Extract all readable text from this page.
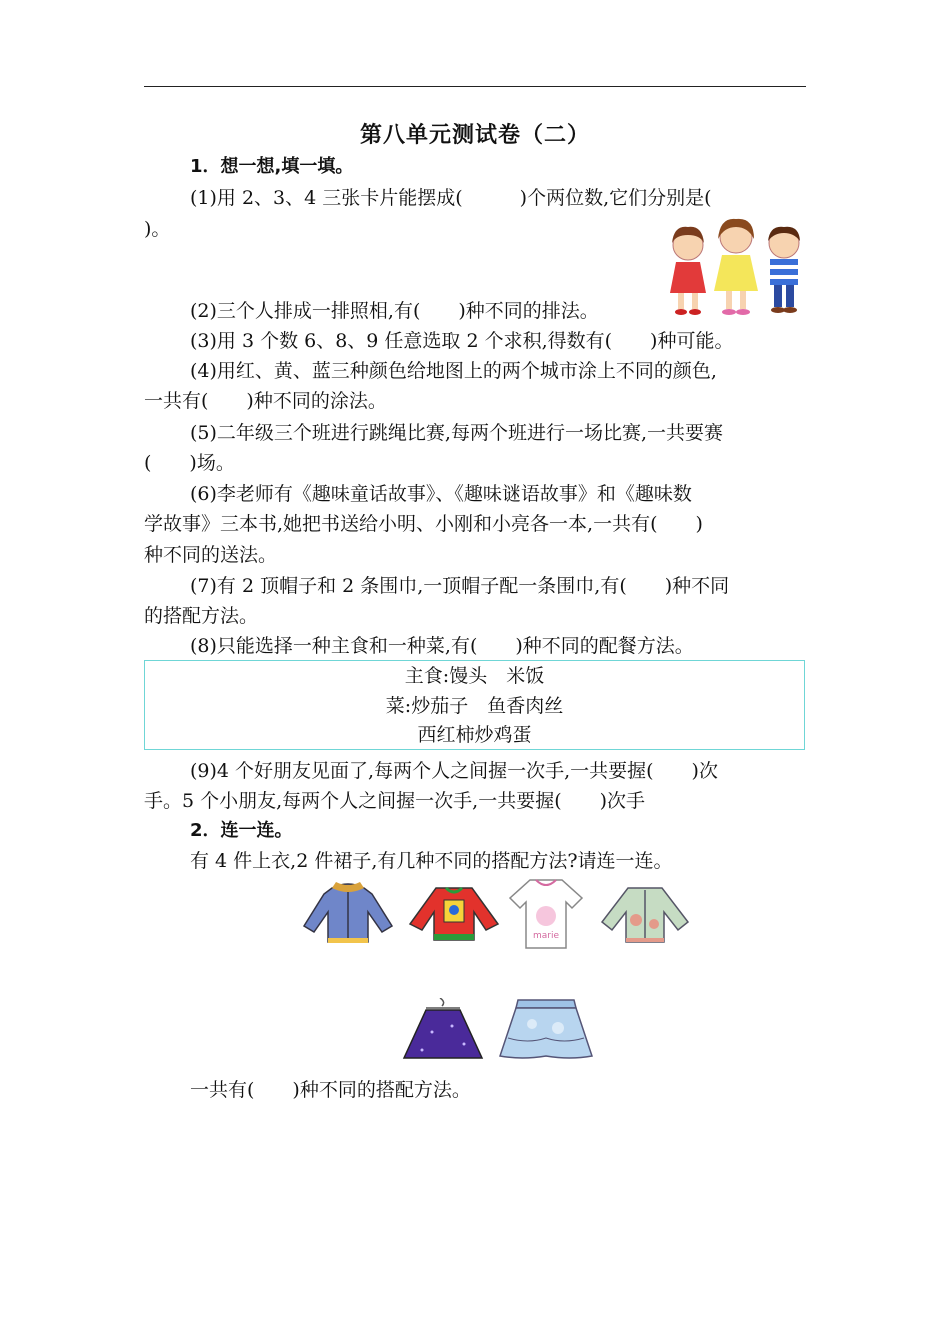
第八单元测试卷（二）
1．想一想,填一填。
(1)用 2、3、4 三张卡片能摆成(　　　)个两位数,它们分别是(
)。
(2)三个人排成一排照相,有(　　)种不同的排法。
(3)用 3 个数 6、8、9 任意选取 2 个求积,得数有(　　)种可能。
(4)用红、黄、蓝三种颜色给地图上的两个城市涂上不同的颜色,
一共有(　　)种不同的涂法。
(5)二年级三个班进行跳绳比赛,每两个班进行一场比赛,一共要赛
(　　)场。
(6)李老师有《趣味童话故事》、《趣味谜语故事》和《趣味数
学故事》三本书,她把书送给小明、小刚和小亮各一本,一共有(　　)
种不同的送法。
(7)有 2 顶帽子和 2 条围巾,一顶帽子配一条围巾,有(　　)种不同
的搭配方法。
(8)只能选择一种主食和一种菜,有(　　)种不同的配餐方法。
主食:馒头　米饭
菜:炒茄子　鱼香肉丝
西红柿炒鸡蛋
(9)4 个好朋友见面了,每两个人之间握一次手,一共要握(　　)次
手。5 个小朋友,每两个人之间握一次手,一共要握(　　)次手
2．连一连。
有 4 件上衣,2 件裙子,有几种不同的搭配方法?请连一连。
marie
一共有(　　)种不同的搭配方法。
